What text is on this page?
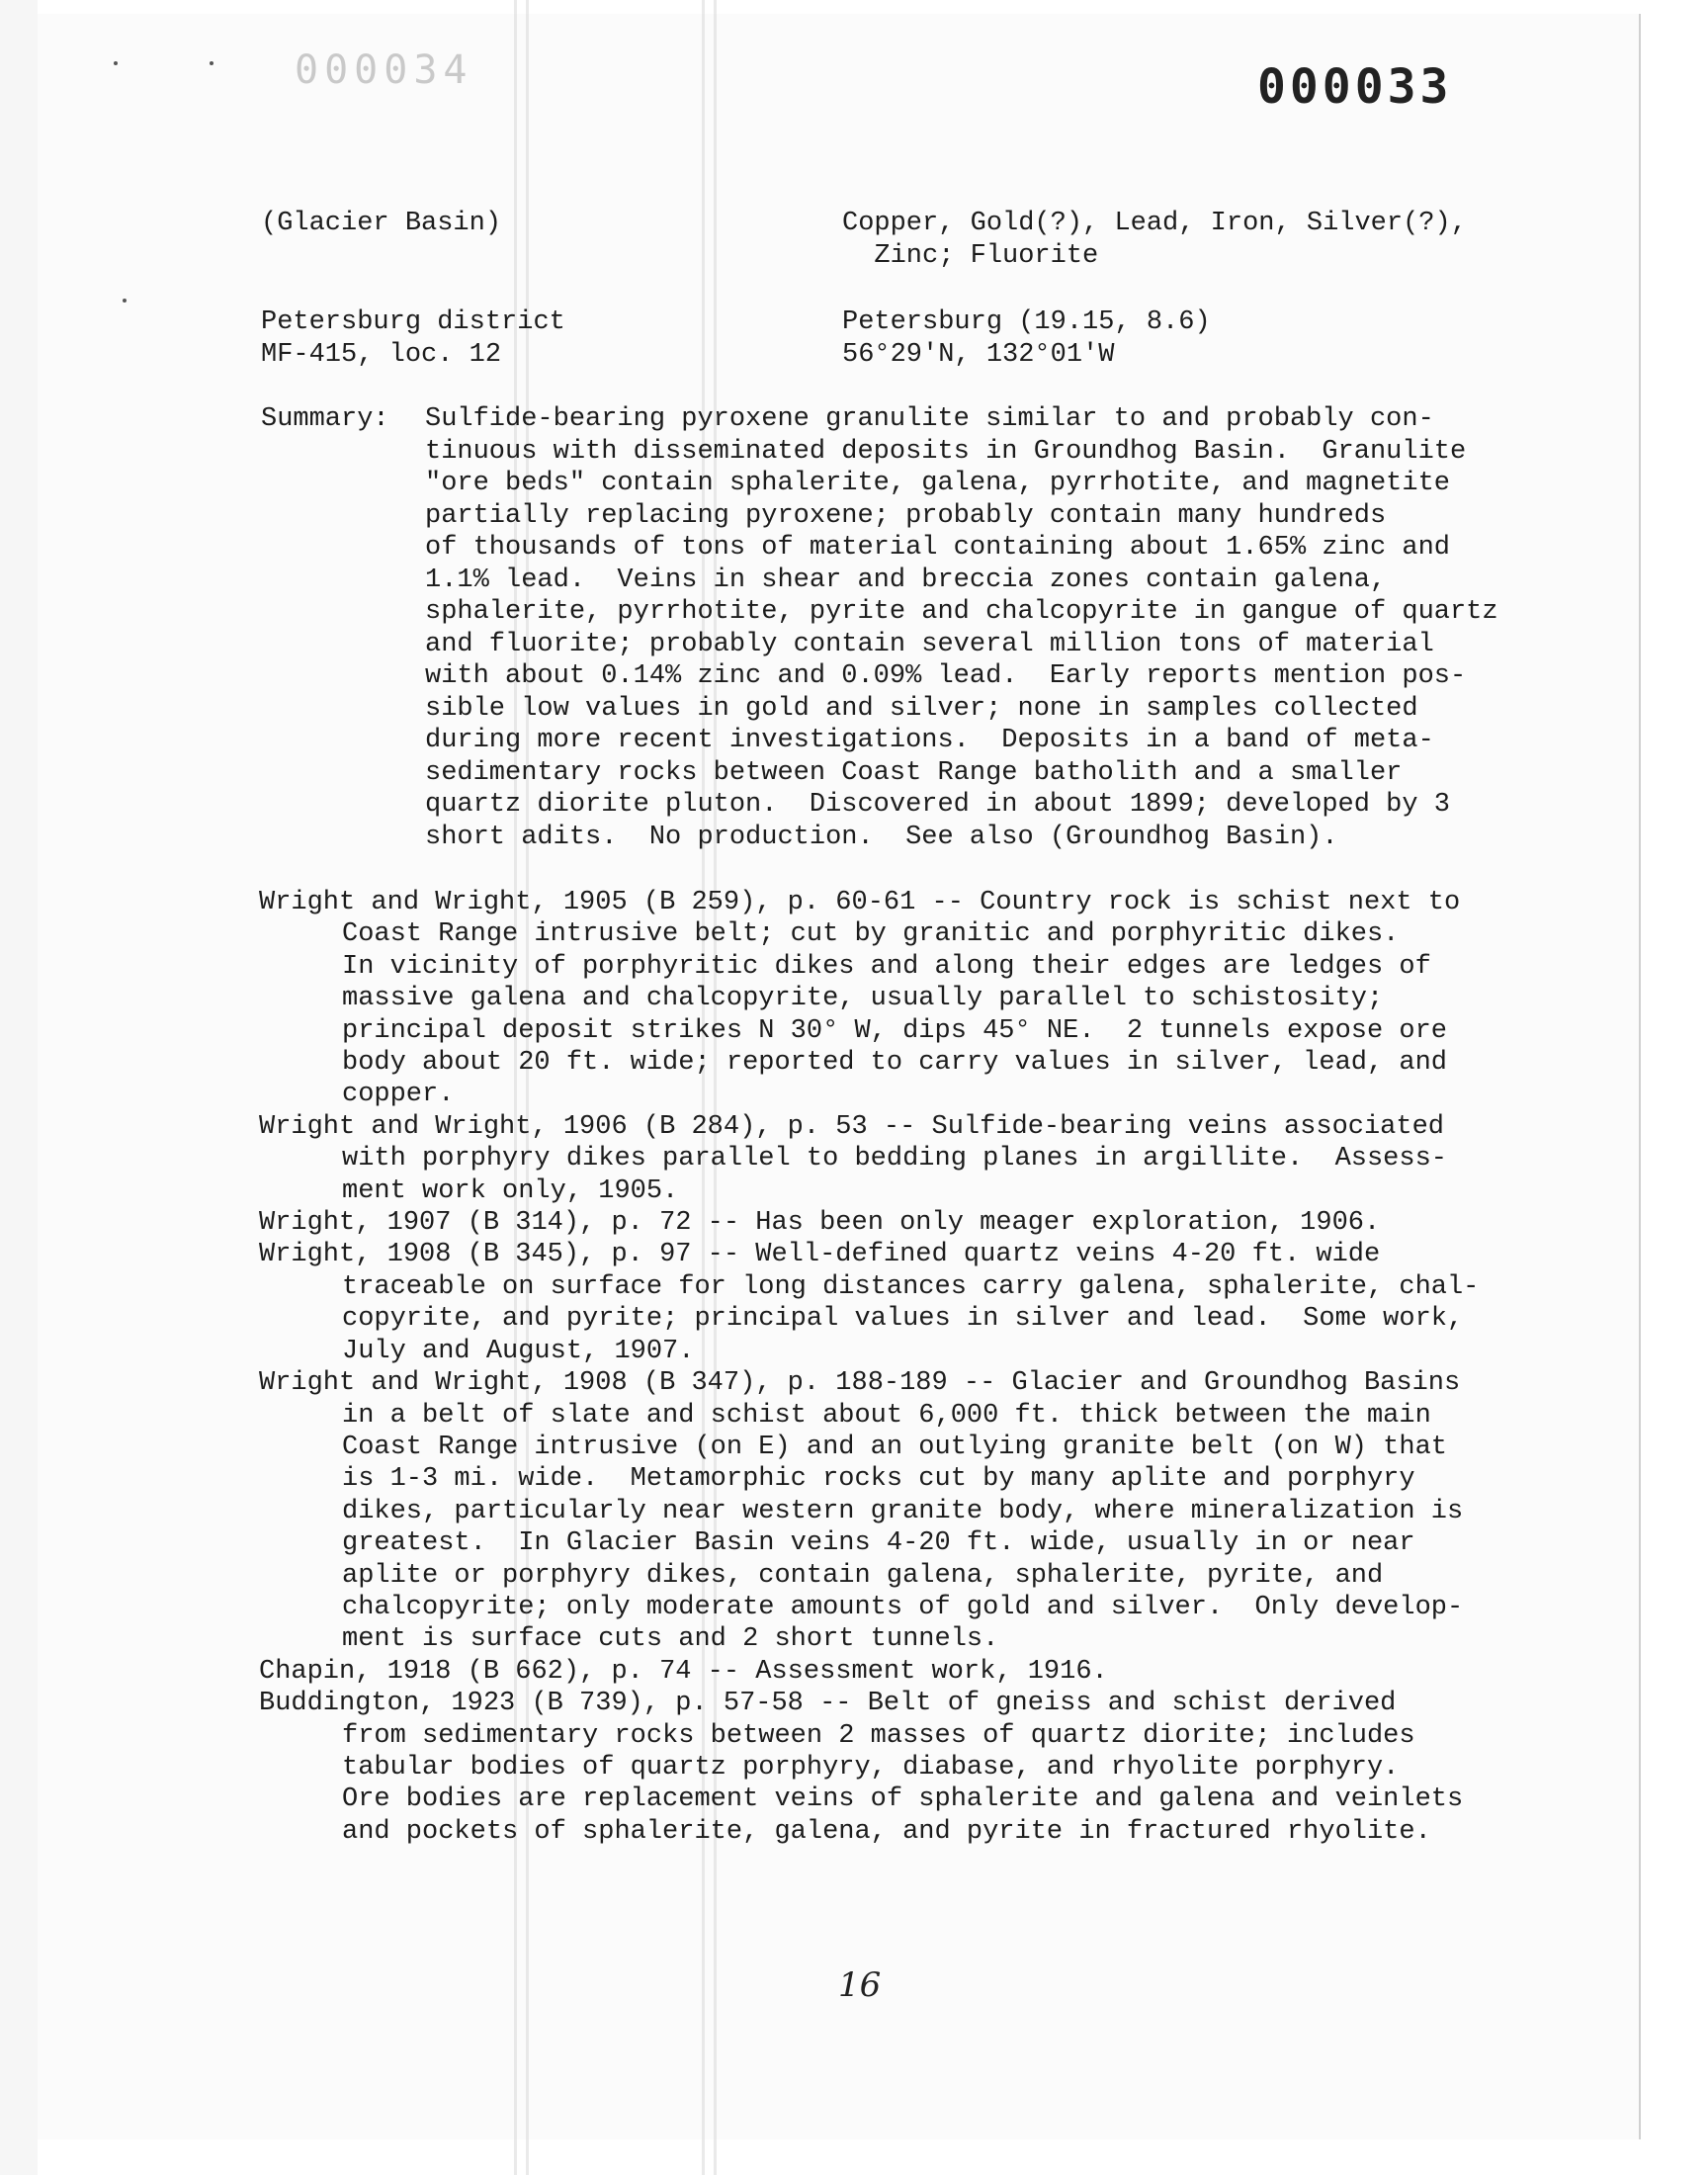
000034	000033
(Glacier Basin)	Copper, Gold(?), Lead, Iron, Silver(?),
Zinc; Fluorite
Petersburg district
MF-415, loc. 12
Petersburg (19.15, 8.6)
56°29'N, 132°01'W
Summary: Sulfide-bearing pyroxene granulite similar to and probably con-
tinuous with disseminated deposits in Groundhog Basin.  Granulite
"ore beds" contain sphalerite, galena, pyrrhotite, and magnetite
partially replacing pyroxene; probably contain many hundreds
of thousands of tons of material containing about 1.65% zinc and
1.1% lead.  Veins in shear and breccia zones contain galena,
sphalerite, pyrrhotite, pyrite and chalcopyrite in gangue of quartz
and fluorite; probably contain several million tons of material
with about 0.14% zinc and 0.09% lead.  Early reports mention pos-
sible low values in gold and silver; none in samples collected
during more recent investigations.  Deposits in a band of meta-
sedimentary rocks between Coast Range batholith and a smaller
quartz diorite pluton.  Discovered in about 1899; developed by 3
short adits.  No production.  See also (Groundhog Basin).
Wright and Wright, 1905 (B 259), p. 60-61 -- Country rock is schist next to
Coast Range intrusive belt; cut by granitic and porphyritic dikes.
In vicinity of porphyritic dikes and along their edges are ledges of
massive galena and chalcopyrite, usually parallel to schistosity;
principal deposit strikes N 30° W, dips 45° NE.  2 tunnels expose ore
body about 20 ft. wide; reported to carry values in silver, lead, and
copper.
Wright and Wright, 1906 (B 284), p. 53 -- Sulfide-bearing veins associated
with porphyry dikes parallel to bedding planes in argillite.  Assess-
ment work only, 1905.
Wright, 1907 (B 314), p. 72 -- Has been only meager exploration, 1906.
Wright, 1908 (B 345), p. 97 -- Well-defined quartz veins 4-20 ft. wide
traceable on surface for long distances carry galena, sphalerite, chal-
copyrite, and pyrite; principal values in silver and lead.  Some work,
July and August, 1907.
Wright and Wright, 1908 (B 347), p. 188-189 -- Glacier and Groundhog Basins
in a belt of slate and schist about 6,000 ft. thick between the main
Coast Range intrusive (on E) and an outlying granite belt (on W) that
is 1-3 mi. wide.  Metamorphic rocks cut by many aplite and porphyry
dikes, particularly near western granite body, where mineralization is
greatest.  In Glacier Basin veins 4-20 ft. wide, usually in or near
aplite or porphyry dikes, contain galena, sphalerite, pyrite, and
chalcopyrite; only moderate amounts of gold and silver.  Only develop-
ment is surface cuts and 2 short tunnels.
Chapin, 1918 (B 662), p. 74 -- Assessment work, 1916.
Buddington, 1923 (B 739), p. 57-58 -- Belt of gneiss and schist derived
from sedimentary rocks between 2 masses of quartz diorite; includes
tabular bodies of quartz porphyry, diabase, and rhyolite porphyry.
Ore bodies are replacement veins of sphalerite and galena and veinlets
and pockets of sphalerite, galena, and pyrite in fractured rhyolite.
16
